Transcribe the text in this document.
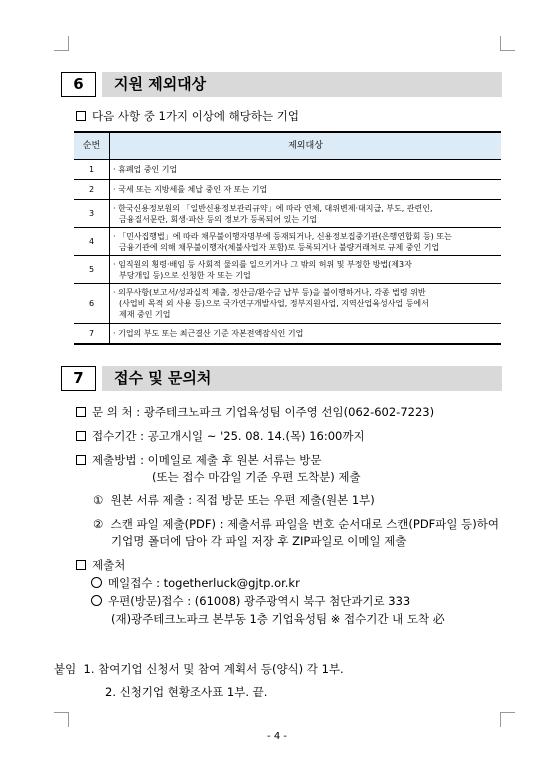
6	지원 제외대상
다음 사항 중 1가지 이상에 해당하는 기업
순번	제외대상
1	· 휴폐업 중인 기업

2	· 국세 또는 지방세를 체납 중인 자 또는 기업

3	· 한국신용정보원의 「일반신용정보관리규약」에 따라 연체, 대위변제·대지급, 부도, 관련인,
금융질서문란, 회생·파산 등의 정보가 등록되어 있는 기업

4	· 「민사집행법」에 따라 채무불이행자명부에 등재되거나, 신용정보집중기관(은행연합회 등) 또는
금융기관에 의해 채무불이행자(체불사업자 포함)로 등록되거나 불량거래처로 규제 중인 기업

5	· 임직원의 횡령·배임 등 사회적 물의를 일으키거나 그 밖의 허위 및 부정한 방법(제3자
부당개입 등)으로 신청한 자 또는 기업

6	· 의무사항(보고서/성과실적 제출, 정산금/환수금 납부 등)을 불이행하거나, 각종 법령 위반
(사업비 목적 외 사용 등)으로 국가연구개발사업, 정부지원사업, 지역산업육성사업 등에서
제재 중인 기업

7	· 기업의 부도 또는 최근결산 기준 자본전액잠식인 기업
7	접수 및 문의처
문 의 처 : 광주테크노파크 기업육성팀 이주영 선임(062-602-7223)
접수기간 : 공고개시일 ~ '25. 08. 14.(목) 16:00까지
제출방법 : 이메일로 제출 후 원본 서류는 방문
(또는 접수 마감일 기준 우편 도착분) 제출
① 원본 서류 제출 : 직접 방문 또는 우편 제출(원본 1부)
② 스캔 파일 제출(PDF) : 제출서류 파일을 번호 순서대로 스캔(PDF파일 등)하여
기업명 폴더에 담아 각 파일 저장 후 ZIP파일로 이메일 제출
제출처
메일접수 : togetherluck@gjtp.or.kr
우편(방문)접수 : (61008) 광주광역시 북구 첨단과기로 333
(재)광주테크노파크 본부동 1층 기업육성팀 ※ 접수기간 내 도착 必
붙임 1. 참여기업 신청서 및 참여 계획서 등(양식) 각 1부.
2. 신청기업 현황조사표 1부. 끝.
- 4 -
